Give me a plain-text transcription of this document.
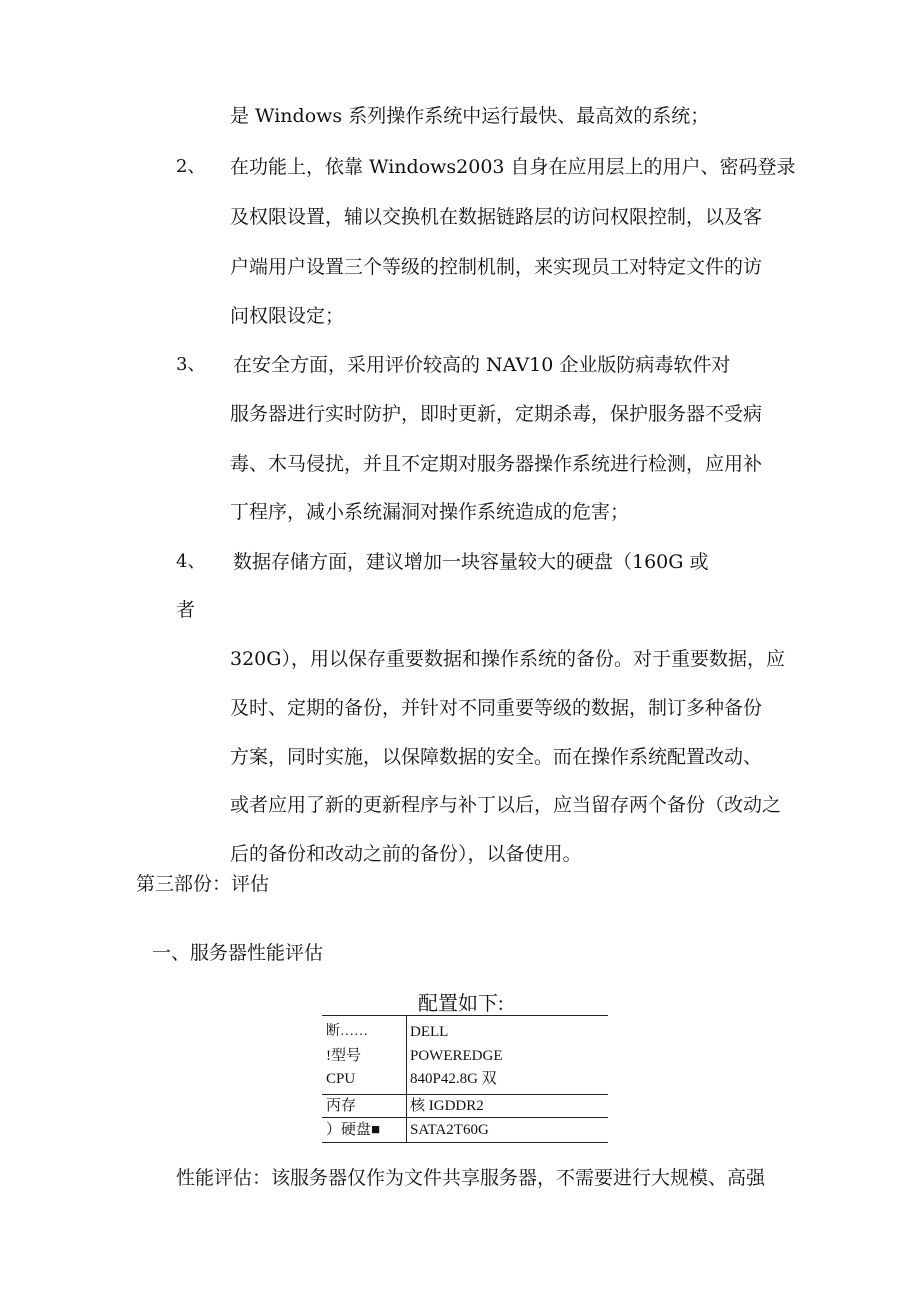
是 Windows 系列操作系统中运行最快、最高效的系统；
2、 在功能上，依靠 Windows2003 自身在应用层上的用户、密码登录
及权限设置，辅以交换机在数据链路层的访问权限控制，以及客
户端用户设置三个等级的控制机制，来实现员工对特定文件的访
问权限设定；
3、 在安全方面，采用评价较高的 NAV10 企业版防病毒软件对
服务器进行实时防护，即时更新，定期杀毒，保护服务器不受病
毒、木马侵扰，并且不定期对服务器操作系统进行检测，应用补
丁程序，减小系统漏洞对操作系统造成的危害；
4、 数据存储方面，建议增加一块容量较大的硬盘（160G 或
者
320G），用以保存重要数据和操作系统的备份。对于重要数据，应
及时、定期的备份，并针对不同重要等级的数据，制订多种备份
方案，同时实施，以保障数据的安全。而在操作系统配置改动、
或者应用了新的更新程序与补丁以后，应当留存两个备份（改动之
后的备份和改动之前的备份），以备使用。
第三部份：评估
一、服务器性能评估
配置如下:
断……
!型号
CPU
丙存
）硬盘■
DELL
POWEREDGE
840P42.8G 双
核 IGDDR2
SATA2T60G
性能评估：该服务器仅作为文件共享服务器，不需要进行大规模、高强
